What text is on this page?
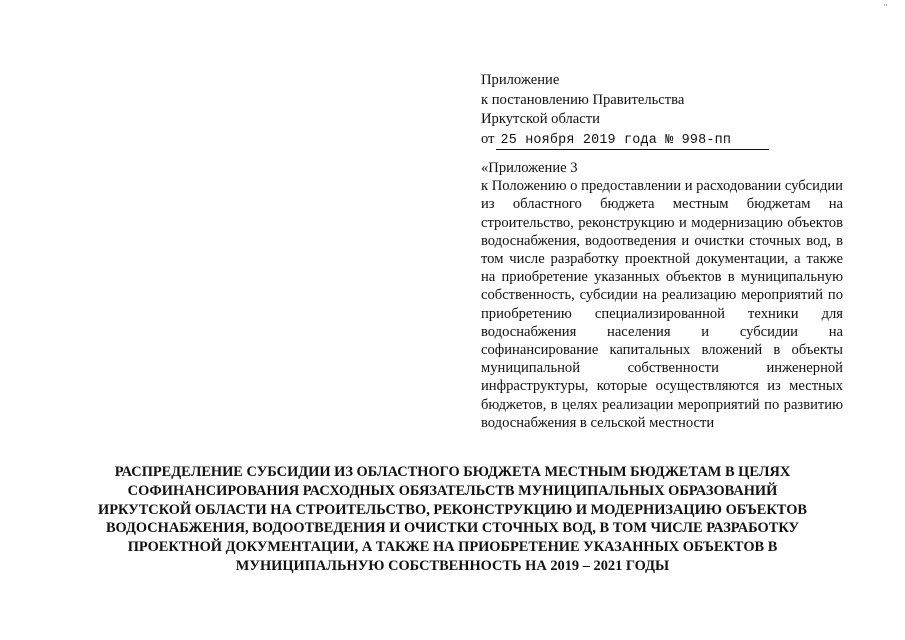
¨
Приложение
к постановлению Правительства
Иркутской области
от 25 ноября 2019 года № 998-пп
«Приложение 3
к Положению о предоставлении и расходовании субсидии из областного бюджета местным бюджетам на строительство, реконструкцию и модернизацию объектов водоснабжения, водоотведения и очистки сточных вод, в том числе разработку проектной документации, а также на приобретение указанных объектов в муниципальную собственность, субсидии на реализацию мероприятий по приобретению специализированной техники для водоснабжения населения и субсидии на софинансирование капитальных вложений в объекты муниципальной собственности инженерной инфраструктуры, которые осуществляются из местных бюджетов, в целях реализации мероприятий по развитию водоснабжения в сельской местности
РАСПРЕДЕЛЕНИЕ СУБСИДИИ ИЗ ОБЛАСТНОГО БЮДЖЕТА МЕСТНЫМ БЮДЖЕТАМ В ЦЕЛЯХ
СОФИНАНСИРОВАНИЯ РАСХОДНЫХ ОБЯЗАТЕЛЬСТВ МУНИЦИПАЛЬНЫХ ОБРАЗОВАНИЙ
ИРКУТСКОЙ ОБЛАСТИ НА СТРОИТЕЛЬСТВО, РЕКОНСТРУКЦИЮ И МОДЕРНИЗАЦИЮ ОБЪЕКТОВ
ВОДОСНАБЖЕНИЯ, ВОДООТВЕДЕНИЯ И ОЧИСТКИ СТОЧНЫХ ВОД, В ТОМ ЧИСЛЕ РАЗРАБОТКУ
ПРОЕКТНОЙ ДОКУМЕНТАЦИИ, А ТАКЖЕ НА ПРИОБРЕТЕНИЕ УКАЗАННЫХ ОБЪЕКТОВ В
МУНИЦИПАЛЬНУЮ СОБСТВЕННОСТЬ НА 2019 – 2021 ГОДЫ
